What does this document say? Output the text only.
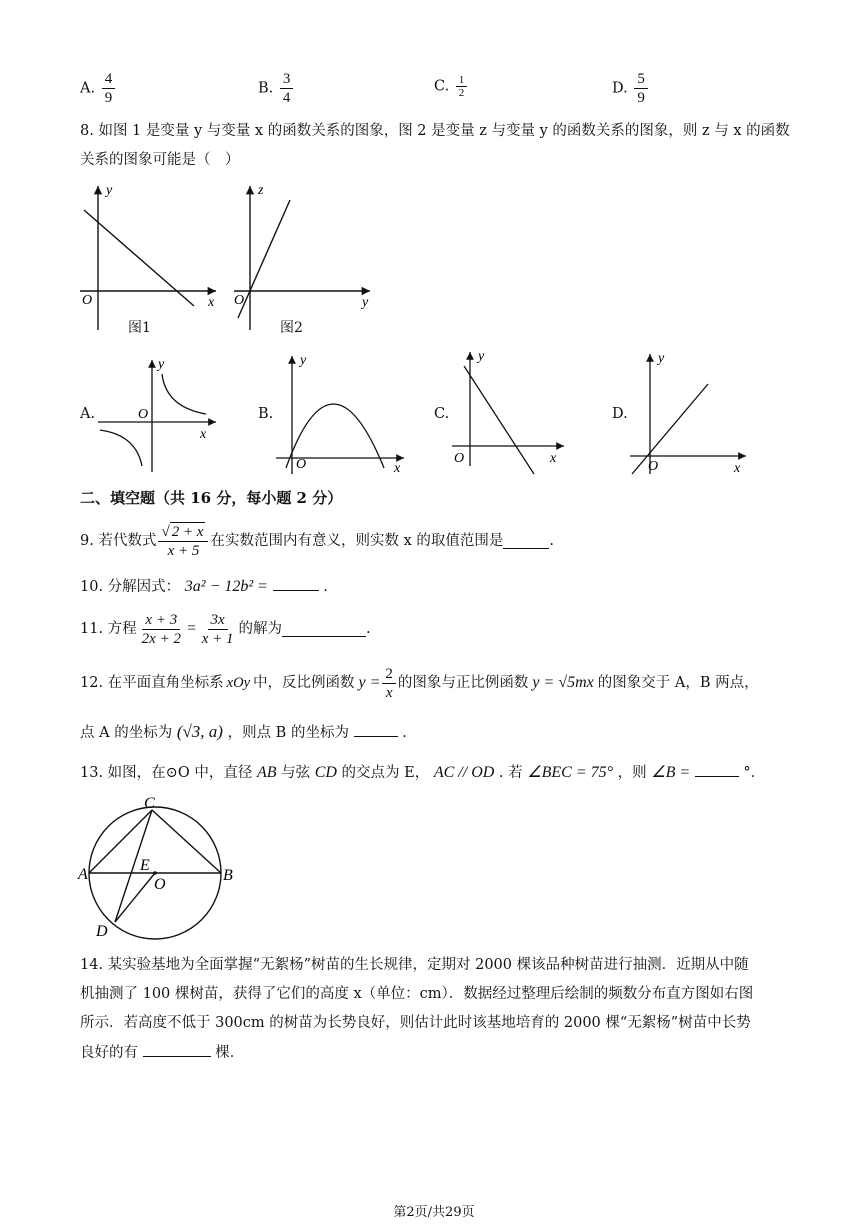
A. $\frac{4}{9}$	B. $\frac{3}{4}$	C. $\frac{1}{2}$	D. $\frac{5}{9}$
8. 如图 1 是变量 y 与变量 x 的函数关系的图象，图 2 是变量 z 与变量 y 的函数关系的图象，则 z 与 x 的函数
关系的图象可能是（　）
y
x
O
图1
z
y
O
图2
A.
y
x
O	B.
y
x
O
C.
y
x
O
D.
y
x
O
二、填空题（共 16 分，每小题 2 分）
9. 若代数式 $\frac{√ 2 + x}{x + 5}$ 在实数范围内有意义，则实数 x 的取值范围是	.
10. 分解因式： 3a² − 12b² =	.
11. 方程 $\frac{x + 3}{2x + 2} = \frac{3x}{x + 1}$ 的解为	.
12. 在平面直角坐标系 xOy 中，反比例函数 $y = \frac{2}{x}$ 的图象与正比例函数 y = √5mx 的图象交于 A，B 两点，
点 A 的坐标为 (√3, a) ，则点 B 的坐标为	.
13. 如图，在⊙O 中，直径 AB 与弦 CD 的交点为 E， AC // OD . 若 ∠BEC = 75° ，则 ∠B =	°．
C
A	B
E
O
D
14. 某实验基地为全面掌握“无絮杨”树苗的生长规律，定期对 2000 棵该品种树苗进行抽测．近期从中随
机抽测了 100 棵树苗，获得了它们的高度 x（单位：cm）．数据经过整理后绘制的频数分布直方图如右图
所示．若高度不低于 300cm 的树苗为长势良好，则估计此时该基地培育的 2000 棵“无絮杨”树苗中长势
良好的有	棵．
第2页/共29页
